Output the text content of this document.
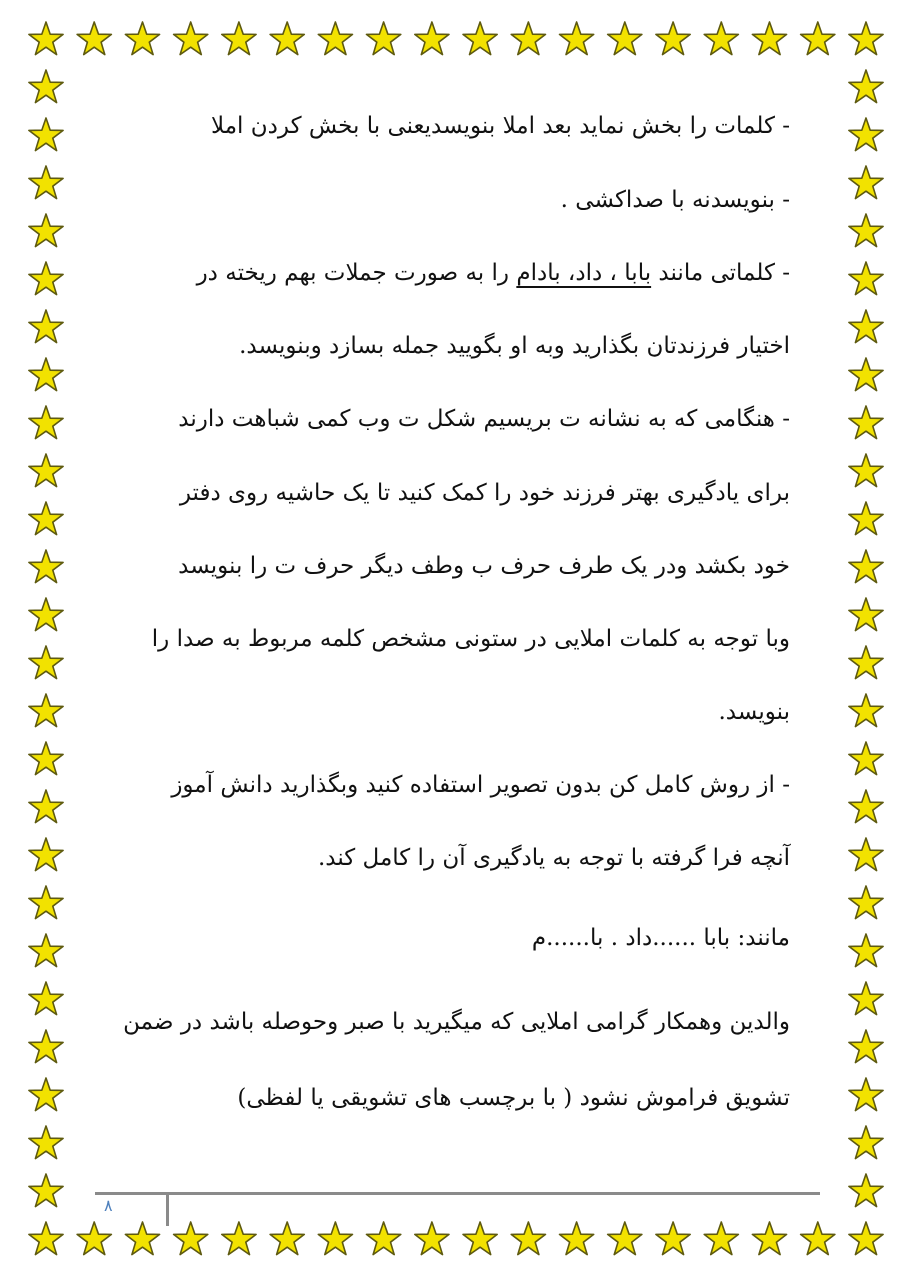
- کلمات را بخش نماید بعد املا بنویسدیعنی با بخش کردن املا
- بنویسدنه با صداکشی .
- کلماتی مانند بابا ، داد، بادام را به صورت جملات بهم ریخته در
اختیار فرزندتان بگذارید وبه او بگویید جمله بسازد وبنویسد.
- هنگامی که به نشانه ت بریسیم شکل ت وب کمی شباهت دارند
برای یادگیری بهتر فرزند خود را کمک کنید تا یک حاشیه روی دفتر
خود بکشد ودر یک طرف حرف ب وطف دیگر حرف ت را بنویسد
وبا توجه به کلمات املایی در ستونی مشخص کلمه مربوط به صدا را
بنویسد.
- از روش کامل کن بدون تصویر استفاده کنید وبگذارید دانش آموز
آنچه فرا گرفته با توجه به یادگیری آن را کامل کند.
مانند: بابا ......داد . با......م
والدین وهمکار گرامی املایی که میگیرید با صبر وحوصله باشد در ضمن
تشویق فراموش نشود ( با برچسب های تشویقی یا لفظی)
۸
